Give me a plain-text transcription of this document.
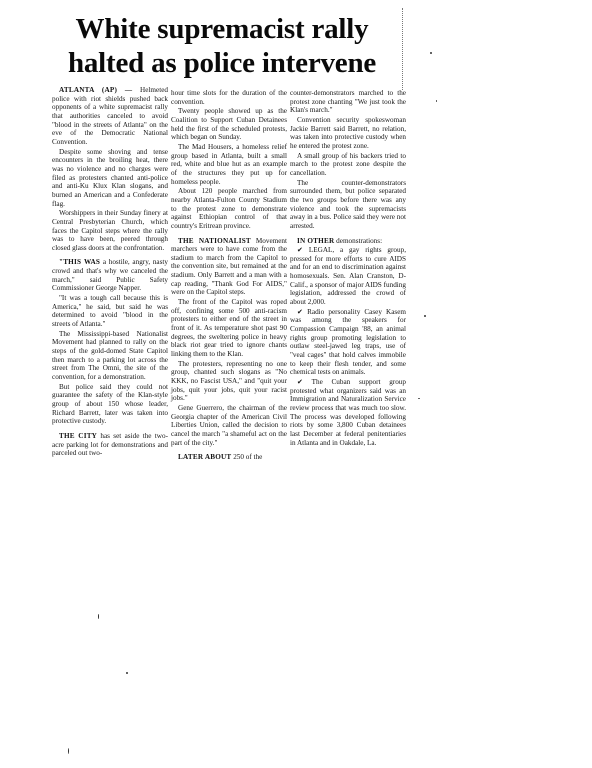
White supremacist rally
halted as police intervene

ATLANTA (AP) — Helmeted police with riot shields pushed back opponents of a white supremacist rally that authorities canceled to avoid "blood in the streets of Atlanta" on the eve of the Democratic National Convention.

Despite some shoving and tense encounters in the broiling heat, there was no violence and no charges were filed as protesters chanted anti-police and anti-Ku Klux Klan slogans, and burned an American and a Confederate flag.

Worshippers in their Sunday finery at Central Presbyterian Church, which faces the Capitol steps where the rally was to have been, peered through closed glass doors at the confrontation.

"THIS WAS a hostile, angry, nasty crowd and that's why we canceled the march," said Public Safety Commissioner George Napper.

"It was a tough call because this is America," he said, but said he was determined to avoid "blood in the streets of Atlanta."

The Mississippi-based Nationalist Movement had planned to rally on the steps of the gold-domed State Capitol then march to a parking lot across the street from The Omni, the site of the convention, for a demonstration.

But police said they could not guarantee the safety of the Klan-style group of about 150 whose leader, Richard Barrett, later was taken into protective custody.

THE CITY has set aside the two-acre parking lot for demonstrations and parceled out two-

hour time slots for the duration of the convention.

Twenty people showed up as the Coalition to Support Cuban Detainees held the first of the scheduled protests, which began on Sunday.

The Mad Housers, a homeless relief group based in Atlanta, built a small red, white and blue hut as an example of the structures they put up for homeless people.

About 120 people marched from nearby Atlanta-Fulton County Stadium to the protest zone to demonstrate against Ethiopian control of that country's Eritrean province.

THE NATIONALIST Movement marchers were to have come from the stadium to march from the Capitol to the convention site, but remained at the stadium. Only Barrett and a man with a cap reading, "Thank God For AIDS," were on the Capitol steps.

The front of the Capitol was roped off, confining some 500 anti-racism protesters to either end of the street in front of it. As temperature shot past 90 degrees, the sweltering police in heavy black riot gear tried to ignore chants linking them to the Klan.

The protesters, representing no one group, chanted such slogans as "No KKK, no Fascist USA," and "quit your jobs, quit your jobs, quit your racist jobs."

Gene Guerrero, the chairman of the Georgia chapter of the American Civil Liberties Union, called the decision to cancel the march "a shameful act on the part of the city."

LATER ABOUT 250 of the

counter-demonstrators marched to the protest zone chanting "We just took the Klan's march."

Convention security spokeswoman Jackie Barrett said Barrett, no relation, was taken into protective custody when he entered the protest zone.

A small group of his backers tried to march to the protest zone despite the cancellation.

The counter-demonstrators surrounded them, but police separated the two groups before there was any violence and took the supremacists away in a bus. Police said they were not arrested.

IN OTHER demonstrations:

✔ LEGAL, a gay rights group, pressed for more efforts to cure AIDS and for an end to discrimination against homosexuals. Sen. Alan Cranston, D-Calif., a sponsor of major AIDS funding legislation, addressed the crowd of about 2,000.

✔ Radio personality Casey Kasem was among the speakers for Compassion Campaign '88, an animal rights group promoting legislation to outlaw steel-jawed leg traps, use of "veal cages" that hold calves immobile to keep their flesh tender, and some chemical tests on animals.

✔ The Cuban support group protested what organizers said was an Immigration and Naturalization Service review process that was much too slow. The process was developed following riots by some 3,800 Cuban detainees last December at federal penitentiaries in Atlanta and in Oakdale, La.
